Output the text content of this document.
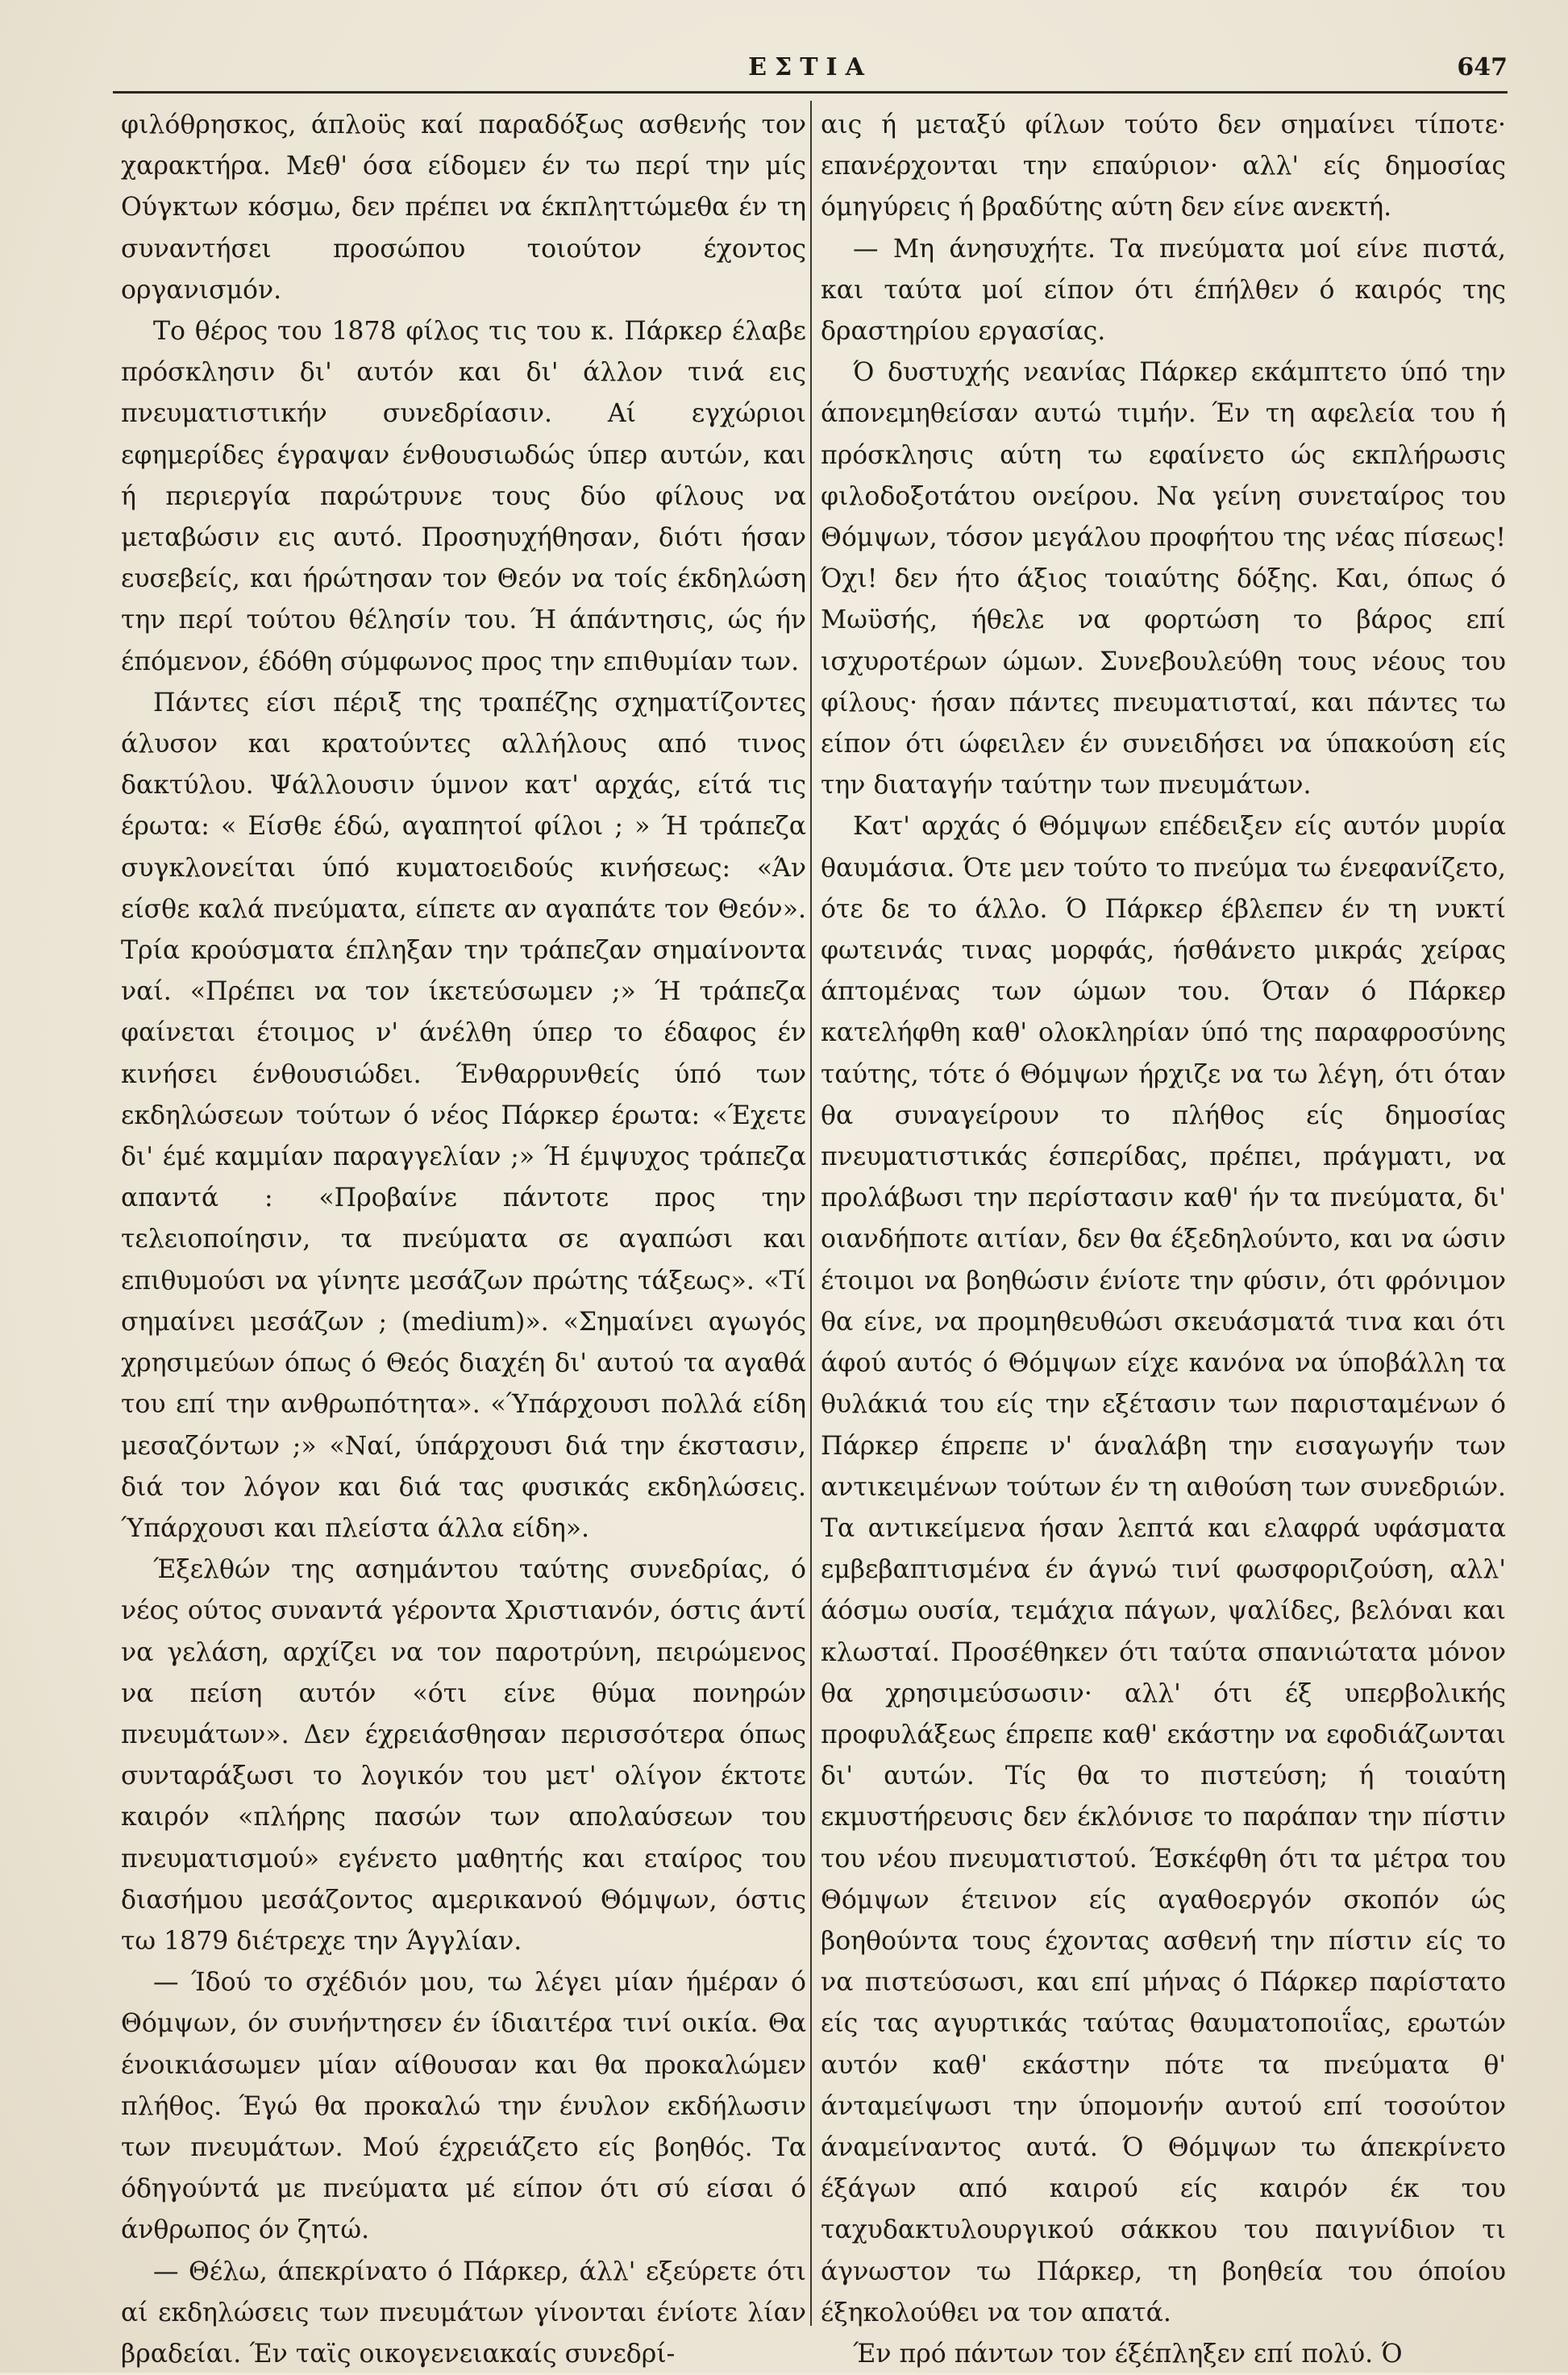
ΕΣΤΙΑ	647

φιλόθρησκος, άπλοϋς καί παραδόξως ασθενής τον χαρακτήρα. Μεθ' όσα είδομεν έν τω περί την μίς Ούγκτων κόσμω, δεν πρέπει να έκπληττώμεθα έν τη συναντήσει προσώπου τοιούτον έχοντος οργανισμόν.

Το θέρος του 1878 φίλος τις του κ. Πάρκερ έλαβε πρόσκλησιν δι' αυτόν και δι' άλλον τινά εις πνευματιστικήν συνεδρίασιν. Αί εγχώριοι εφημερίδες έγραψαν ένθουσιωδώς ύπερ αυτών, και ή περιεργία παρώτρυνε τους δύο φίλους να μεταβώσιν εις αυτό. Προσηυχήθησαν, διότι ήσαν ευσεβείς, και ήρώτησαν τον Θεόν να τοίς έκδηλώση την περί τούτου θέλησίν του. Ή άπάντησις, ώς ήν έπόμενον, έδόθη σύμφωνος προς την επιθυμίαν των.

Πάντες είσι πέριξ της τραπέζης σχηματίζοντες άλυσον και κρατούντες αλλήλους από τινος δακτύλου. Ψάλλουσιν ύμνον κατ' αρχάς, είτά τις έρωτα: « Είσθε έδώ, αγαπητοί φίλοι ; » Ή τράπεζα συγκλονείται ύπό κυματοειδούς κινήσεως: «Άν είσθε καλά πνεύματα, είπετε αν αγαπάτε τον Θεόν». Τρία κρούσματα έπληξαν την τράπεζαν σημαίνοντα ναί. «Πρέπει να τον ίκετεύσωμεν ;» Ή τράπεζα φαίνεται έτοιμος ν' άνέλθη ύπερ το έδαφος έν κινήσει ένθουσιώδει. Ένθαρρυνθείς ύπό των εκδηλώσεων τούτων ό νέος Πάρκερ έρωτα: «Έχετε δι' έμέ καμμίαν παραγγελίαν ;» Ή έμψυχος τράπεζα απαντά : «Προβαίνε πάντοτε προς την τελειοποίησιν, τα πνεύματα σε αγαπώσι και επιθυμούσι να γίνητε μεσάζων πρώτης τάξεως». «Τί σημαίνει μεσάζων ; (medium)». «Σημαίνει αγωγός χρησιμεύων όπως ό Θεός διαχέη δι' αυτού τα αγαθά του επί την ανθρωπότητα». «Ύπάρχουσι πολλά είδη μεσαζόντων ;» «Ναί, ύπάρχουσι διά την έκστασιν, διά τον λόγον και διά τας φυσικάς εκδηλώσεις. Ύπάρχουσι και πλείστα άλλα είδη».

Έξελθών της ασημάντου ταύτης συνεδρίας, ό νέος ούτος συναντά γέροντα Χριστιανόν, όστις άντί να γελάση, αρχίζει να τον παροτρύνη, πειρώμενος να πείση αυτόν «ότι είνε θύμα πονηρών πνευμάτων». Δεν έχρειάσθησαν περισσότερα όπως συνταράξωσι το λογικόν του μετ' ολίγον έκτοτε καιρόν «πλήρης πασών των απολαύσεων του πνευματισμού» εγένετο μαθητής και εταίρος του διασήμου μεσάζοντος αμερικανού Θόμψων, όστις τω 1879 διέτρεχε την Άγγλίαν.

— Ίδού το σχέδιόν μου, τω λέγει μίαν ήμέραν ό Θόμψων, όν συνήντησεν έν ίδιαιτέρα τινί οικία. Θα ένοικιάσωμεν μίαν αίθουσαν και θα προκαλώμεν πλήθος. Έγώ θα προκαλώ την ένυλον εκδήλωσιν των πνευμάτων. Μού έχρειάζετο είς βοηθός. Τα όδηγούντά με πνεύματα μέ είπον ότι σύ είσαι ό άνθρωπος όν ζητώ.

— Θέλω, άπεκρίνατο ό Πάρκερ, άλλ' εξεύρετε ότι αί εκδηλώσεις των πνευμάτων γίνονται ένίοτε λίαν βραδείαι. Έν ταϊς οικογενειακαίς συνεδρί-

αις ή μεταξύ φίλων τούτο δεν σημαίνει τίποτε· επανέρχονται την επαύριον· αλλ' είς δημοσίας όμηγύρεις ή βραδύτης αύτη δεν είνε ανεκτή.

— Μη άνησυχήτε. Τα πνεύματα μοί είνε πιστά, και ταύτα μοί είπον ότι έπήλθεν ό καιρός της δραστηρίου εργασίας.

Ό δυστυχής νεανίας Πάρκερ εκάμπτετο ύπό την άπονεμηθείσαν αυτώ τιμήν. Έν τη αφελεία του ή πρόσκλησις αύτη τω εφαίνετο ώς εκπλήρωσις φιλοδοξοτάτου ονείρου. Να γείνη συνεταίρος του Θόμψων, τόσον μεγάλου προφήτου της νέας πίσεως! Όχι! δεν ήτο άξιος τοιαύτης δόξης. Και, όπως ό Μωϋσής, ήθελε να φορτώση το βάρος επί ισχυροτέρων ώμων. Συνεβουλεύθη τους νέους του φίλους· ήσαν πάντες πνευματισταί, και πάντες τω είπον ότι ώφειλεν έν συνειδήσει να ύπακούση είς την διαταγήν ταύτην των πνευμάτων.

Κατ' αρχάς ό Θόμψων επέδειξεν είς αυτόν μυρία θαυμάσια. Ότε μεν τούτο το πνεύμα τω ένεφανίζετο, ότε δε το άλλο. Ό Πάρκερ έβλεπεν έν τη νυκτί φωτεινάς τινας μορφάς, ήσθάνετο μικράς χείρας άπτομένας των ώμων του. Όταν ό Πάρκερ κατελήφθη καθ' ολοκληρίαν ύπό της παραφροσύνης ταύτης, τότε ό Θόμψων ήρχιζε να τω λέγη, ότι όταν θα συναγείρουν το πλήθος είς δημοσίας πνευματιστικάς έσπερίδας, πρέπει, πράγματι, να προλάβωσι την περίστασιν καθ' ήν τα πνεύματα, δι' οιανδήποτε αιτίαν, δεν θα έξεδηλούντο, και να ώσιν έτοιμοι να βοηθώσιν ένίοτε την φύσιν, ότι φρόνιμον θα είνε, να προμηθευθώσι σκευάσματά τινα και ότι άφού αυτός ό Θόμψων είχε κανόνα να ύποβάλλη τα θυλάκιά του είς την εξέτασιν των παρισταμένων ό Πάρκερ έπρεπε ν' άναλάβη την εισαγωγήν των αντικειμένων τούτων έν τη αιθούση των συνεδριών. Τα αντικείμενα ήσαν λεπτά και ελαφρά υφάσματα εμβεβαπτισμένα έν άγνώ τινί φωσφοριζούση, αλλ' άόσμω ουσία, τεμάχια πάγων, ψαλίδες, βελόναι και κλωσταί. Προσέθηκεν ότι ταύτα σπανιώτατα μόνον θα χρησιμεύσωσιν· αλλ' ότι έξ υπερβολικής προφυλάξεως έπρεπε καθ' εκάστην να εφοδιάζωνται δι' αυτών. Τίς θα το πιστεύση; ή τοιαύτη εκμυστήρευσις δεν έκλόνισε το παράπαν την πίστιν του νέου πνευματιστού. Έσκέφθη ότι τα μέτρα του Θόμψων έτεινον είς αγαθοεργόν σκοπόν ώς βοηθούντα τους έχοντας ασθενή την πίστιν είς το να πιστεύσωσι, και επί μήνας ό Πάρκερ παρίστατο είς τας αγυρτικάς ταύτας θαυματοποιΐας, ερωτών αυτόν καθ' εκάστην πότε τα πνεύματα θ' άνταμείψωσι την ύπομονήν αυτού επί τοσούτον άναμείναντος αυτά. Ό Θόμψων τω άπεκρίνετο έξάγων από καιρού είς καιρόν έκ του ταχυδακτυλουργικού σάκκου του παιγνίδιον τι άγνωστον τω Πάρκερ, τη βοηθεία του όποίου έξηκολούθει να τον απατά.

Έν πρό πάντων τον έξέπληξεν επί πολύ. Ό
